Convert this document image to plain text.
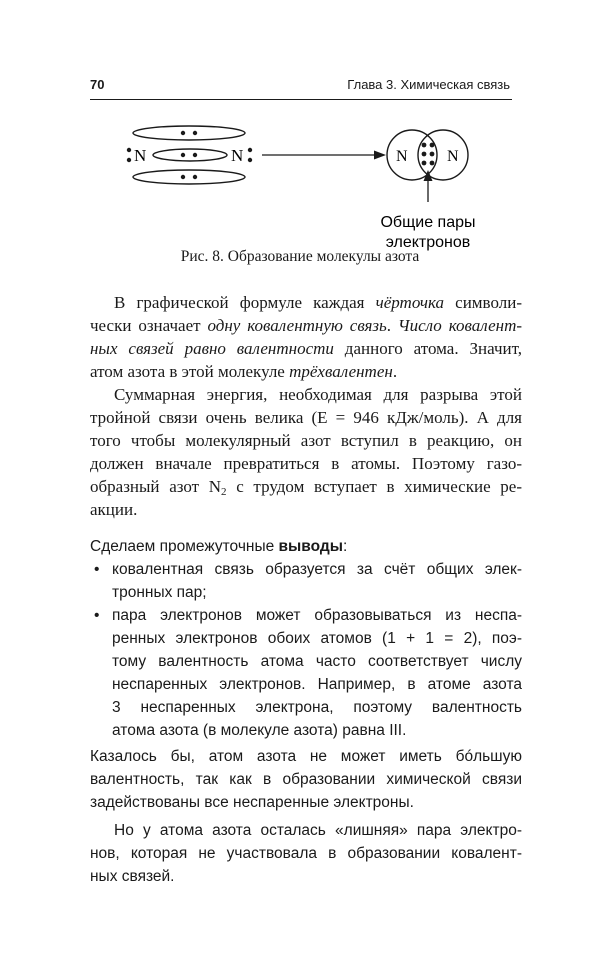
70	Глава 3. Химическая связь
N	N	N N
Общие пары
электронов
Рис. 8. Образование молекулы азота

В графической формуле каждая чёрточка символи-

чески означает одну ковалентную связь. Число ковалент-

ных связей равно валентности данного атома. Значит,

атом азота в этой молекуле трёхвалентен.

Суммарная энергия, необходимая для разрыва этой

тройной связи очень велика (E = 946 кДж/моль). А для

того чтобы молекулярный азот вступил в реакцию, он

должен вначале превратиться в атомы. Поэтому газо-

образный азот $N_2$ с трудом вступает в химические ре-

акции.

Сделаем промежуточные выводы:

• ковалентная связь образуется за счёт общих элек-

тронных пар;

• пара электронов может образовываться из неспа-

ренных электронов обоих атомов (1 + 1 = 2), поэ-

тому валентность атома часто соответствует числу

неспаренных электронов. Например, в атоме азота

3 неспаренных электрона, поэтому валентность

атома азота (в молекуле азота) равна III.

Казалось бы, атом азота не может иметь бóльшую

валентность, так как в образовании химической связи

задействованы все неспаренные электроны.

Но у атома азота осталась «лишняя» пара электро-

нов, которая не участвовала в образовании ковалент-

ных связей.
